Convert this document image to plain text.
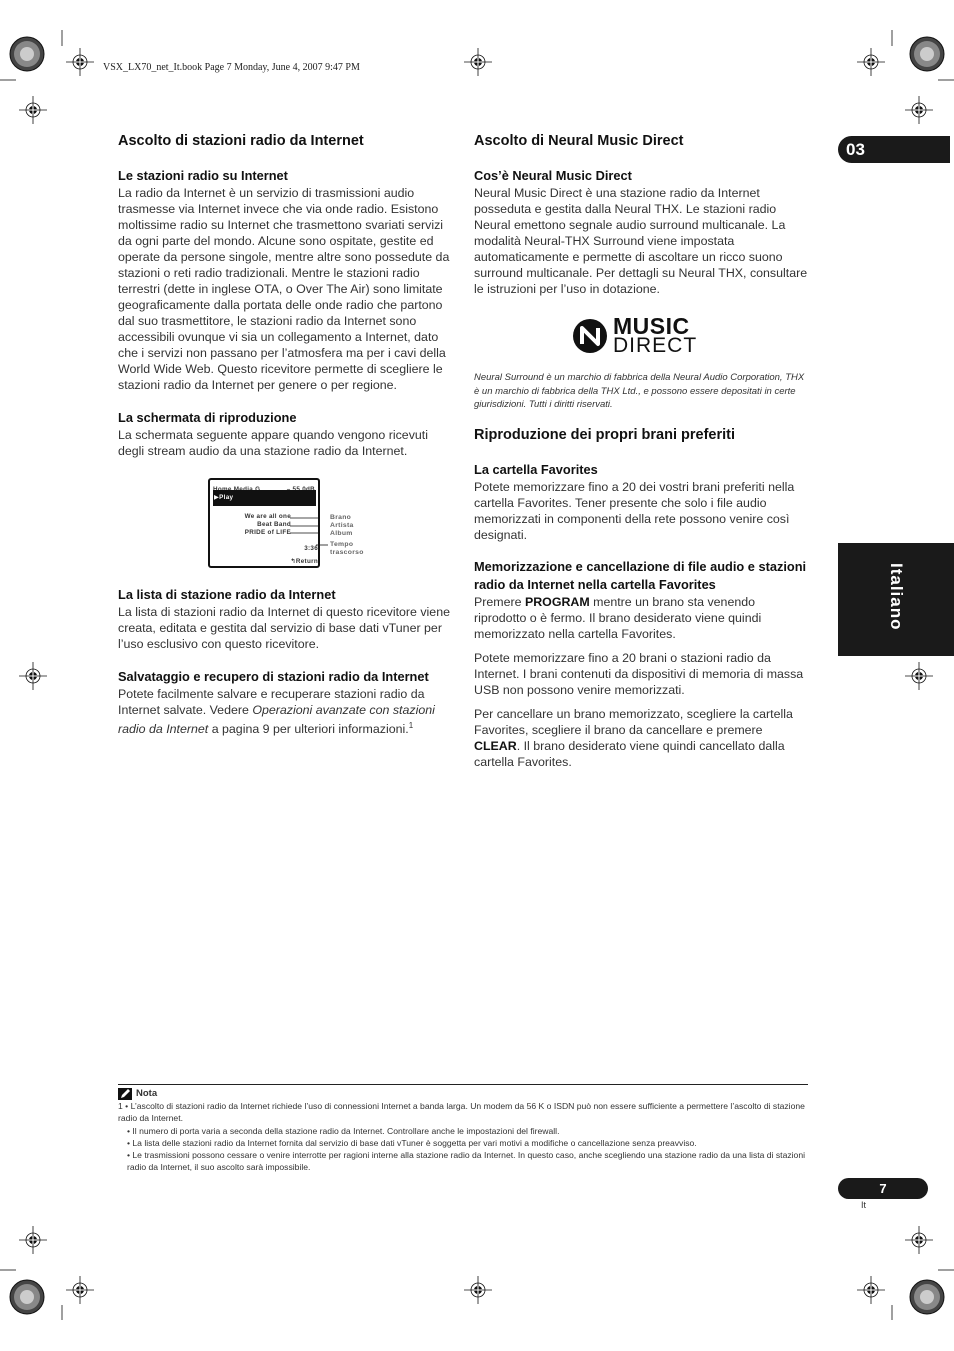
VSX_LX70_net_It.book Page 7 Monday, June 4, 2007 9:47 PM
03
Italiano
Ascolto di stazioni radio da Internet
Le stazioni radio su Internet

La radio da Internet è un servizio di trasmissioni audio trasmesse via Internet invece che via onde radio. Esistono moltissime radio su Internet che trasmettono svariati servizi da ogni parte del mondo. Alcune sono ospitate, gestite ed operate da persone singole, mentre altre sono possedute da stazioni o reti radio tradizionali. Mentre le stazioni radio terrestri (dette in inglese OTA, o Over The Air) sono limitate geograficamente dalla portata delle onde radio che partono dal suo trasmettitore, le stazioni radio da Internet sono accessibili ovunque vi sia un collegamento a Internet, dato che i servizi non passano per l’atmosfera ma per i cavi della World Wide Web. Questo ricevitore permette di scegliere le stazioni radio da Internet per genere o per regione.

La schermata di riproduzione

La schermata seguente appare quando vengono ricevuti degli stream audio da una stazione radio da Internet.

▶Play
We are all one
Beat Band
PRIDE of LIFE
3:36
↰Return
Brano
Artista
Album
Tempo
trascorso
La lista di stazione radio da Internet

La lista di stazioni radio da Internet di questo ricevitore viene creata, editata e gestita dal servizio di base dati vTuner per l’uso esclusivo con questo ricevitore.

Salvataggio e recupero di stazioni radio da Internet

Potete facilmente salvare e recuperare stazioni radio da Internet salvate. Vedere Operazioni avanzate con stazioni radio da Internet a pagina 9 per ulteriori informazioni.$^1$

Ascolto di Neural Music Direct
Cos’è Neural Music Direct

Neural Music Direct è una stazione radio da Internet posseduta e gestita dalla Neural THX. Le stazioni radio Neural emettono segnale audio surround multicanale. La modalità Neural-THX Surround viene impostata automaticamente e permette di ascoltare un ricco suono surround multicanale. Per dettagli su Neural THX, consultare le istruzioni per l’uso in dotazione.

MUSIC
DIRECT

Neural Surround è un marchio di fabbrica della Neural Audio Corporation, THX è un marchio di fabbrica della THX Ltd., e possono essere depositati in certe giurisdizioni. Tutti i diritti riservati.

Riproduzione dei propri brani preferiti
La cartella Favorites

Potete memorizzare fino a 20 dei vostri brani preferiti nella cartella Favorites. Tener presente che solo i file audio memorizzati in componenti della rete possono venire così designati.

Memorizzazione e cancellazione di file audio e stazioni radio da Internet nella cartella Favorites

Premere PROGRAM mentre un brano sta venendo riprodotto o è fermo. Il brano desiderato viene quindi memorizzato nella cartella Favorites.

Potete memorizzare fino a 20 brani o stazioni radio da Internet. I brani contenuti da dispositivi di memoria di massa USB non possono venire memorizzati.

Per cancellare un brano memorizzato, scegliere la cartella Favorites, scegliere il brano da cancellare e premere CLEAR. Il brano desiderato viene quindi cancellato dalla cartella Favorites.

Nota
1 • L’ascolto di stazioni radio da Internet richiede l’uso di connessioni Internet a banda larga. Un modem da 56 K o ISDN può non essere sufficiente a permettere l’ascolto di stazione radio da Internet.
• Il numero di porta varia a seconda della stazione radio da Internet. Controllare anche le impostazioni del firewall.
• La lista delle stazioni radio da Internet fornita dal servizio di base dati vTuner è soggetta per vari motivi a modifiche o cancellazione senza preavviso.
• Le trasmissioni possono cessare o venire interrotte per ragioni interne alla stazione radio da Internet. In questo caso, anche scegliendo una stazione radio da una lista di stazioni radio da Internet, il suo ascolto sarà impossibile.
7
It
